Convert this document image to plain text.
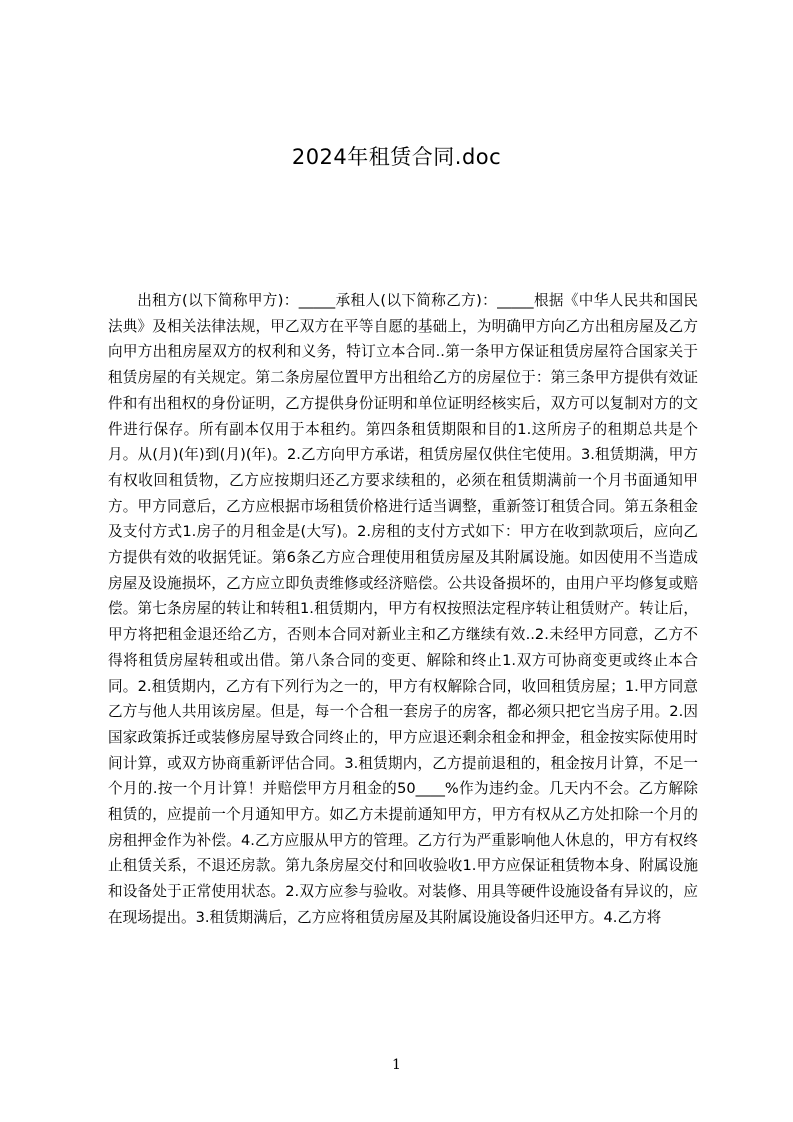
2024年租赁合同.doc

出租方(以下简称甲方)：_____承租人(以下简称乙方)：_____根据《中华人民共和国民法典》及相关法律法规，甲乙双方在平等自愿的基础上，为明确甲方向乙方出租房屋及乙方向甲方出租房屋双方的权利和义务，特订立本合同..第一条甲方保证租赁房屋符合国家关于租赁房屋的有关规定。第二条房屋位置甲方出租给乙方的房屋位于：第三条甲方提供有效证件和有出租权的身份证明，乙方提供身份证明和单位证明经核实后，双方可以复制对方的文件进行保存。所有副本仅用于本租约。第四条租赁期限和目的1.这所房子的租期总共是个月。从(月)(年)到(月)(年)。2.乙方向甲方承诺，租赁房屋仅供住宅使用。3.租赁期满，甲方有权收回租赁物，乙方应按期归还乙方要求续租的，必须在租赁期满前一个月书面通知甲方。甲方同意后，乙方应根据市场租赁价格进行适当调整，重新签订租赁合同。第五条租金及支付方式1.房子的月租金是(大写)。2.房租的支付方式如下：甲方在收到款项后，应向乙方提供有效的收据凭证。第6条乙方应合理使用租赁房屋及其附属设施。如因使用不当造成房屋及设施损坏，乙方应立即负责维修或经济赔偿。公共设备损坏的，由用户平均修复或赔偿。第七条房屋的转让和转租1.租赁期内，甲方有权按照法定程序转让租赁财产。转让后，甲方将把租金退还给乙方，否则本合同对新业主和乙方继续有效..2.未经甲方同意，乙方不得将租赁房屋转租或出借。第八条合同的变更、解除和终止1.双方可协商变更或终止本合同。2.租赁期内，乙方有下列行为之一的，甲方有权解除合同，收回租赁房屋；1.甲方同意乙方与他人共用该房屋。但是，每一个合租一套房子的房客，都必须只把它当房子用。2.因国家政策拆迁或装修房屋导致合同终止的，甲方应退还剩余租金和押金，租金按实际使用时间计算，或双方协商重新评估合同。3.租赁期内，乙方提前退租的，租金按月计算，不足一个月的.按一个月计算！并赔偿甲方月租金的50____%作为违约金。几天内不会。乙方解除租赁的，应提前一个月通知甲方。如乙方未提前通知甲方，甲方有权从乙方处扣除一个月的房租押金作为补偿。4.乙方应服从甲方的管理。乙方行为严重影响他人休息的，甲方有权终止租赁关系，不退还房款。第九条房屋交付和回收验收1.甲方应保证租赁物本身、附属设施和设备处于正常使用状态。2.双方应参与验收。对装修、用具等硬件设施设备有异议的，应在现场提出。3.租赁期满后，乙方应将租赁房屋及其附属设施设备归还甲方。4.乙方将

1
